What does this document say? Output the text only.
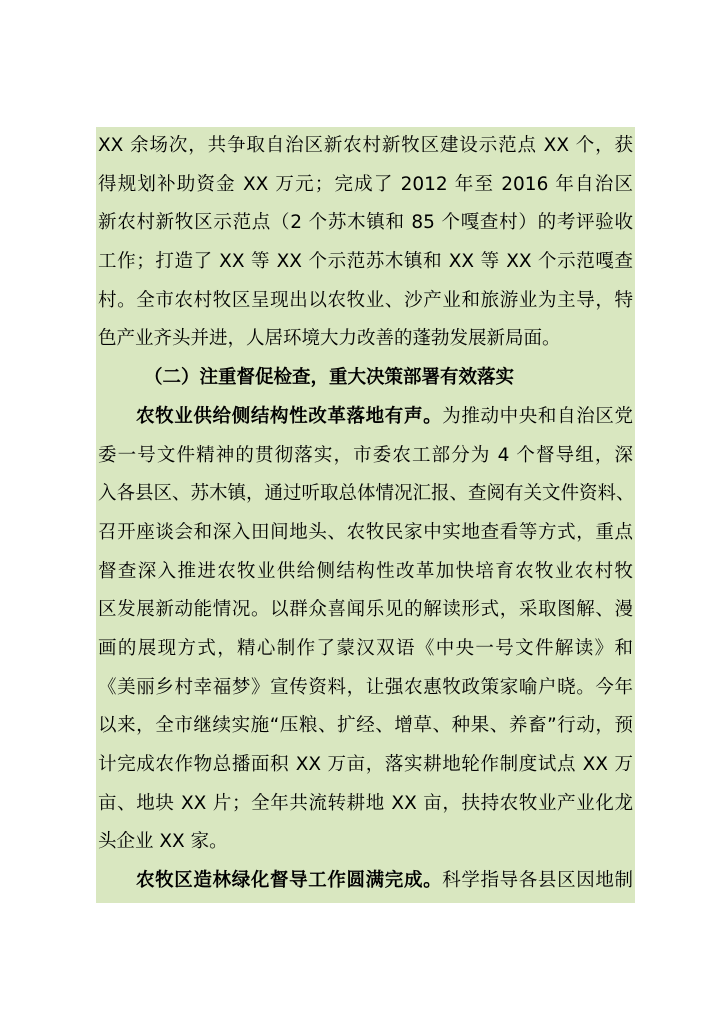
XX 余场次，共争取自治区新农村新牧区建设示范点 XX 个，获
得规划补助资金 XX 万元；完成了 2012 年至 2016 年自治区
新农村新牧区示范点（2 个苏木镇和 85 个嘎查村）的考评验收
工作；打造了 XX 等 XX 个示范苏木镇和 XX 等 XX 个示范嘎查
村。全市农村牧区呈现出以农牧业、沙产业和旅游业为主导，特
色产业齐头并进，人居环境大力改善的蓬勃发展新局面。
（二）注重督促检查，重大决策部署有效落实
农牧业供给侧结构性改革落地有声。为推动中央和自治区党
委一号文件精神的贯彻落实，市委农工部分为 4 个督导组，深
入各县区、苏木镇，通过听取总体情况汇报、查阅有关文件资料、
召开座谈会和深入田间地头、农牧民家中实地查看等方式，重点
督查深入推进农牧业供给侧结构性改革加快培育农牧业农村牧
区发展新动能情况。以群众喜闻乐见的解读形式，采取图解、漫
画的展现方式，精心制作了蒙汉双语《中央一号文件解读》和
《美丽乡村幸福梦》宣传资料，让强农惠牧政策家喻户晓。今年
以来，全市继续实施“压粮、扩经、增草、种果、养畜”行动，预
计完成农作物总播面积 XX 万亩，落实耕地轮作制度试点 XX 万
亩、地块 XX 片；全年共流转耕地 XX 亩，扶持农牧业产业化龙
头企业 XX 家。
农牧区造林绿化督导工作圆满完成。科学指导各县区因地制
